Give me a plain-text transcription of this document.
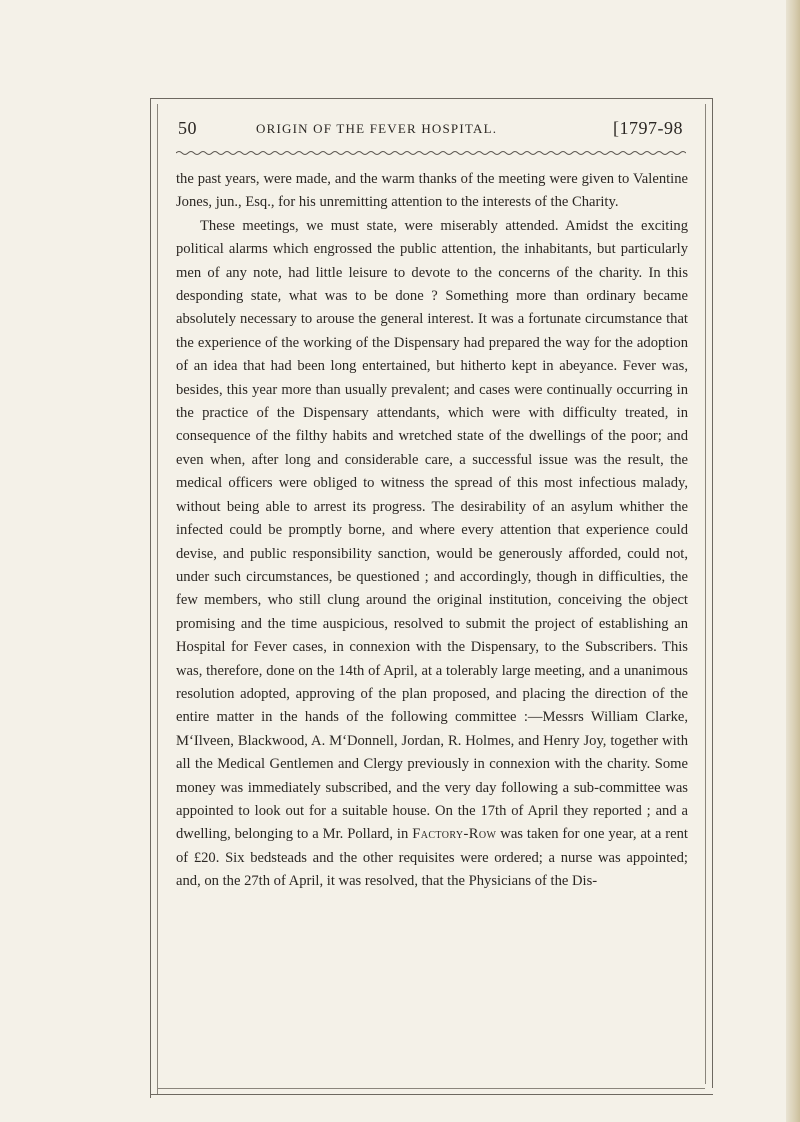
50	ORIGIN OF THE FEVER HOSPITAL.	[1797-98

the past years, were made, and the warm thanks of the meeting were given to Valentine Jones, jun., Esq., for his unremitting attention to the interests of the Charity.

These meetings, we must state, were miserably attended. Amidst the exciting political alarms which engrossed the public attention, the inhabitants, but particularly men of any note, had little leisure to devote to the concerns of the charity. In this desponding state, what was to be done ? Something more than ordinary became absolutely necessary to arouse the general interest. It was a fortunate circumstance that the experience of the working of the Dispensary had prepared the way for the adoption of an idea that had been long entertained, but hitherto kept in abeyance. Fever was, besides, this year more than usually prevalent; and cases were continually occurring in the practice of the Dispensary attendants, which were with difficulty treated, in consequence of the filthy habits and wretched state of the dwellings of the poor; and even when, after long and considerable care, a successful issue was the result, the medical officers were obliged to witness the spread of this most infectious malady, without being able to arrest its progress. The desirability of an asylum whither the infected could be promptly borne, and where every attention that experience could devise, and public responsibility sanction, would be generously afforded, could not, under such circumstances, be questioned ; and accordingly, though in difficulties, the few members, who still clung around the original institution, conceiving the object promising and the time auspicious, resolved to submit the project of establishing an Hospital for Fever cases, in connexion with the Dispensary, to the Subscribers. This was, therefore, done on the 14th of April, at a tolerably large meeting, and a unanimous resolution adopted, approving of the plan proposed, and placing the direction of the entire matter in the hands of the following committee :—Messrs William Clarke, M‘Ilveen, Blackwood, A. M‘Donnell, Jordan, R. Holmes, and Henry Joy, together with all the Medical Gentlemen and Clergy previously in connexion with the charity. Some money was immediately subscribed, and the very day following a sub-committee was appointed to look out for a suitable house. On the 17th of April they reported ; and a dwelling, belonging to a Mr. Pollard, in Factory-Row was taken for one year, at a rent of £20. Six bedsteads and the other requisites were ordered; a nurse was appointed; and, on the 27th of April, it was resolved, that the Physicians of the Dis-
